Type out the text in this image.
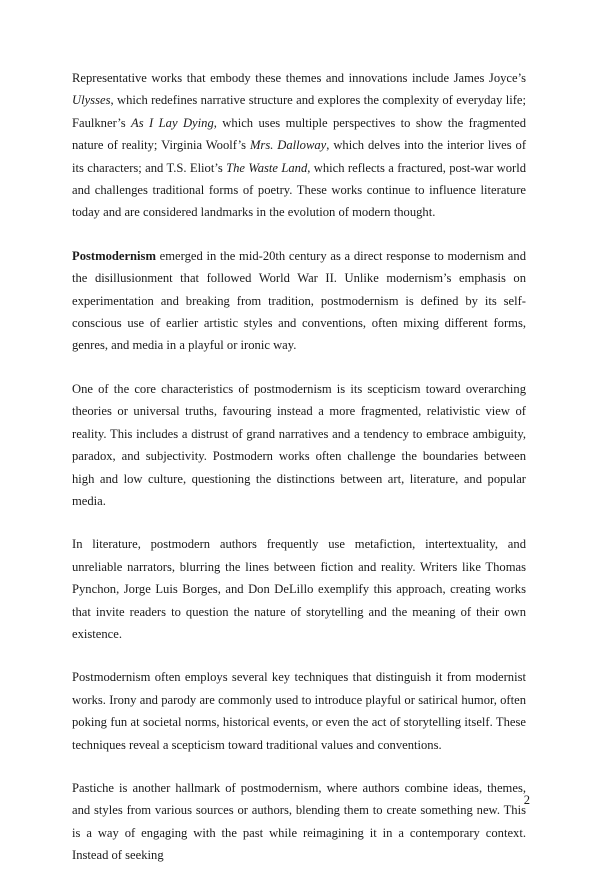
Representative works that embody these themes and innovations include James Joyce’s Ulysses, which redefines narrative structure and explores the complexity of everyday life; Faulkner’s As I Lay Dying, which uses multiple perspectives to show the fragmented nature of reality; Virginia Woolf’s Mrs. Dalloway, which delves into the interior lives of its characters; and T.S. Eliot’s The Waste Land, which reflects a fractured, post-war world and challenges traditional forms of poetry. These works continue to influence literature today and are considered landmarks in the evolution of modern thought.

Postmodernism emerged in the mid-20th century as a direct response to modernism and the disillusionment that followed World War II. Unlike modernism’s emphasis on experimentation and breaking from tradition, postmodernism is defined by its self-conscious use of earlier artistic styles and conventions, often mixing different forms, genres, and media in a playful or ironic way.

One of the core characteristics of postmodernism is its scepticism toward overarching theories or universal truths, favouring instead a more fragmented, relativistic view of reality. This includes a distrust of grand narratives and a tendency to embrace ambiguity, paradox, and subjectivity. Postmodern works often challenge the boundaries between high and low culture, questioning the distinctions between art, literature, and popular media.

In literature, postmodern authors frequently use metafiction, intertextuality, and unreliable narrators, blurring the lines between fiction and reality. Writers like Thomas Pynchon, Jorge Luis Borges, and Don DeLillo exemplify this approach, creating works that invite readers to question the nature of storytelling and the meaning of their own existence.

Postmodernism often employs several key techniques that distinguish it from modernist works. Irony and parody are commonly used to introduce playful or satirical humor, often poking fun at societal norms, historical events, or even the act of storytelling itself. These techniques reveal a scepticism toward traditional values and conventions.

Pastiche is another hallmark of postmodernism, where authors combine ideas, themes, and styles from various sources or authors, blending them to create something new. This is a way of engaging with the past while reimagining it in a contemporary context. Instead of seeking

2
